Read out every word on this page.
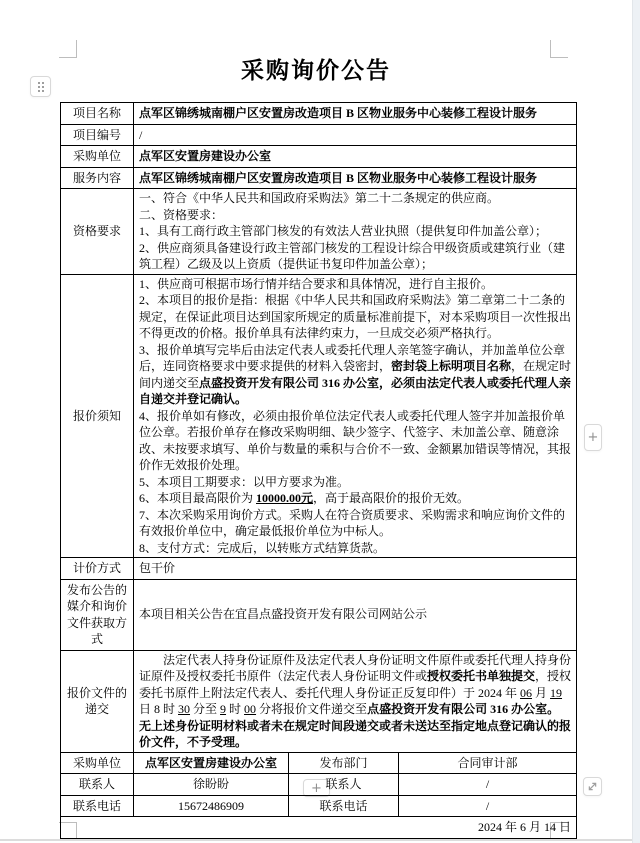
+
+
采购询价公告
项目名称	点军区锦绣城南棚户区安置房改造项目 B 区物业服务中心装修工程设计服务		
项目编号	/		
采购单位	点军区安置房建设办公室		
服务内容	点军区锦绣城南棚户区安置房改造项目 B 区物业服务中心装修工程设计服务		
资格要求	一、符合《中华人民共和国政府采购法》第二十二条规定的供应商。
二、资格要求：
1、具有工商行政主管部门核发的有效法人营业执照（提供复印件加盖公章）；
2、供应商须具备建设行政主管部门核发的工程设计综合甲级资质或建筑行业（建筑工程）乙级及以上资质（提供证书复印件加盖公章）；		

报价须知	
1、供应商可根据市场行情并结合要求和具体情况，进行自主报价。
2、本项目的报价是指：根据《中华人民共和国政府采购法》第二章第二十二条的规定，在保证此项目达到国家所规定的质量标准前提下，对本采购项目一次性报出不得更改的价格。报价单具有法律约束力，一旦成交必须严格执行。
3、报价单填写完毕后由法定代表人或委托代理人亲笔签字确认，并加盖单位公章后，连同资格要求中要求提供的材料入袋密封，密封袋上标明项目名称，在规定时间内递交至点盛投资开发有限公司 316 办公室，必须由法定代表人或委托代理人亲自递交并登记确认。
4、报价单如有修改，必须由报价单位法定代表人或委托代理人签字并加盖报价单位公章。若报价单存在修改采购明细、缺少签字、代签字、未加盖公章、随意涂改、未按要求填写、单价与数量的乘积与合价不一致、金额累加错误等情况，其报价作无效报价处理。
5、本项目工期要求：以甲方要求为准。
6、本项目最高限价为 10000.00元，高于最高限价的报价无效。
7、本次采购采用询价方式。采购人在符合资质要求、采购需求和响应询价文件的有效报价单位中，确定最低报价单位为中标人。
8、支付方式：完成后，以转账方式结算货款。

计价方式	包干价		

发布公告的媒介和询价文件获取方式	本项目相关公告在宜昌点盛投资开发有限公司网站公示		

报价文件的递交	法定代表人持身份证原件及法定代表人身份证明文件原件或委托代理人持身份证原件及授权委托书原件（法定代表人身份证明文件或授权委托书单独提交，授权委托书原件上附法定代表人、委托代理人身份证正反复印件）于 2024 年 06 月 19 日 8 时 30 分至 9 时 00 分将报价文件递交至点盛投资开发有限公司 316 办公室。无上述身份证明材料或者未在规定时间段递交或者未送达至指定地点登记确认的报价文件，不予受理。		

采购单位	点军区安置房建设办公室	发布部门	合同审计部
联系人	徐盼盼	联系人	/
联系电话	15672486909	联系电话	/
2024 年 6 月 14 日			
